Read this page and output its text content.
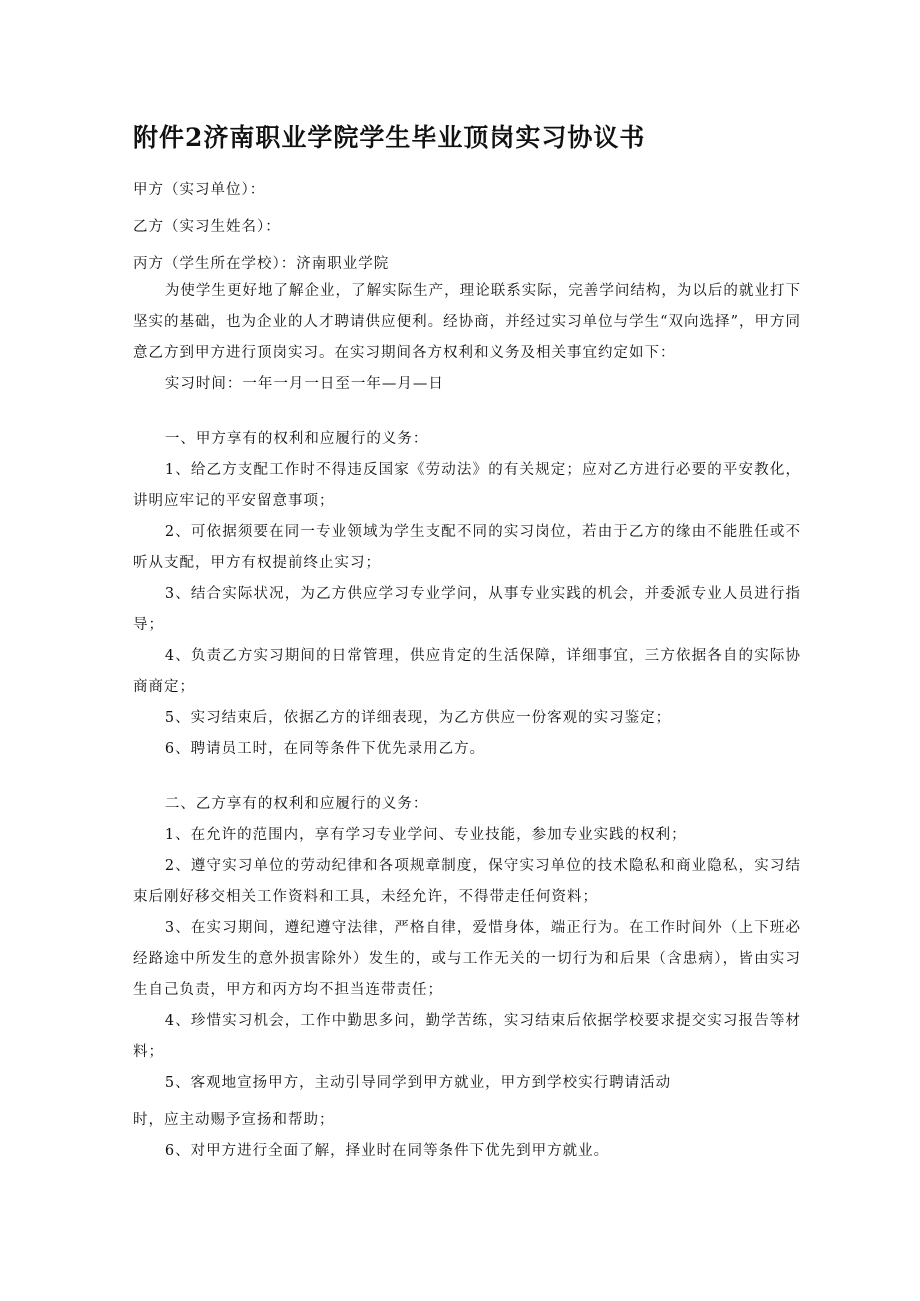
附件2济南职业学院学生毕业顶岗实习协议书
甲方（实习单位）：
乙方（实习生姓名）：
丙方（学生所在学校）：济南职业学院

为使学生更好地了解企业，了解实际生产，理论联系实际，完善学问结构，为以后的就业打下坚实的基础，也为企业的人才聘请供应便利。经协商，并经过实习单位与学生“双向选择”，甲方同意乙方到甲方进行顶岗实习。在实习期间各方权利和义务及相关事宜约定如下：

实习时间：一年一月一日至一年—月—日

一、甲方享有的权利和应履行的义务：

1、给乙方支配工作时不得违反国家《劳动法》的有关规定；应对乙方进行必要的平安教化，讲明应牢记的平安留意事项；

2、可依据须要在同一专业领域为学生支配不同的实习岗位，若由于乙方的缘由不能胜任或不听从支配，甲方有权提前终止实习；

3、结合实际状况，为乙方供应学习专业学问，从事专业实践的机会，并委派专业人员进行指导；

4、负责乙方实习期间的日常管理，供应肯定的生活保障，详细事宜，三方依据各自的实际协商商定；

5、实习结束后，依据乙方的详细表现，为乙方供应一份客观的实习鉴定；

6、聘请员工时，在同等条件下优先录用乙方。

二、乙方享有的权利和应履行的义务：

1、在允许的范围内，享有学习专业学问、专业技能，参加专业实践的权利；

2、遵守实习单位的劳动纪律和各项规章制度，保守实习单位的技术隐私和商业隐私，实习结束后刚好移交相关工作资料和工具，未经允许，不得带走任何资料；

3、在实习期间，遵纪遵守法律，严格自律，爱惜身体，端正行为。在工作时间外（上下班必经路途中所发生的意外损害除外）发生的，或与工作无关的一切行为和后果（含患病），皆由实习生自己负责，甲方和丙方均不担当连带责任；

4、珍惜实习机会，工作中勤思多问，勤学苦练，实习结束后依据学校要求提交实习报告等材料；

5、客观地宣扬甲方，主动引导同学到甲方就业，甲方到学校实行聘请活动

时，应主动赐予宣扬和帮助；

6、对甲方进行全面了解，择业时在同等条件下优先到甲方就业。
